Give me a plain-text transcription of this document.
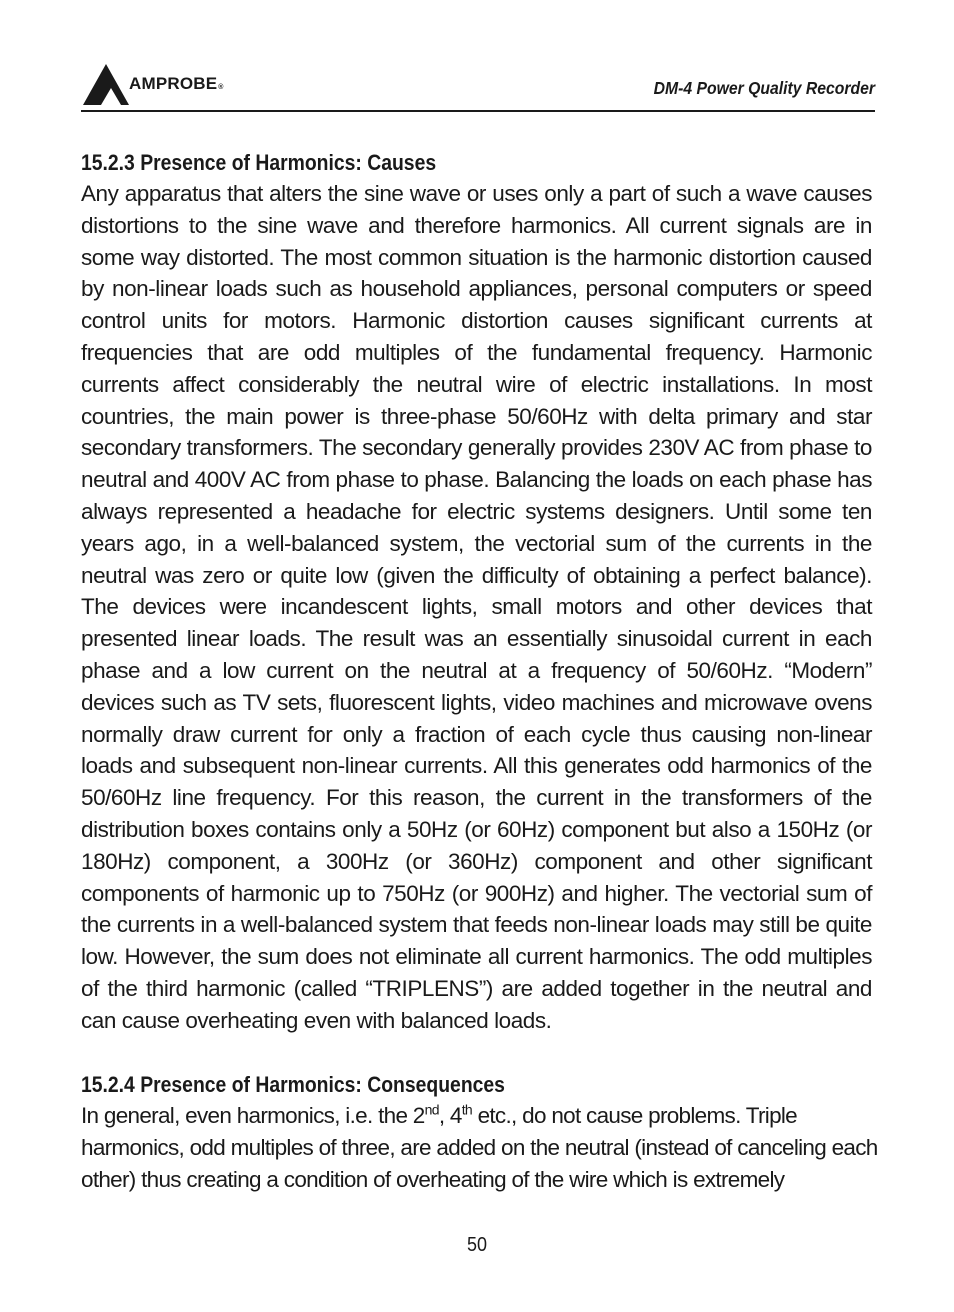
AMPROBE®	DM-4 Power Quality Recorder
15.2.3 Presence of Harmonics: Causes

Any apparatus that alters the sine wave or uses only a part of such a wave causes distortions to the sine wave and therefore harmonics. All current signals are in some way distorted. The most common situation is the harmonic distortion caused by non-linear loads such as household appliances, personal computers or speed control units for motors. Harmonic distortion causes significant currents at frequencies that are odd multiples of the fundamental frequency. Harmonic currents affect considerably the neutral wire of electric installations. In most countries, the main power is three-phase 50/60Hz with delta primary and star secondary transformers. The secondary generally provides 230V AC from phase to neutral and 400V AC from phase to phase. Balancing the loads on each phase has always represented a headache for electric systems designers. Until some ten years ago, in a well-balanced system, the vectorial sum of the currents in the neutral was zero or quite low (given the difficulty of obtaining a perfect balance). The devices were incandescent lights, small motors and other devices that presented linear loads. The result was an essentially sinusoidal current in each phase and a low current on the neutral at a frequency of 50/60Hz. “Modern” devices such as TV sets, fluorescent lights, video machines and microwave ovens normally draw current for only a fraction of each cycle thus causing non-linear loads and subsequent non-linear currents. All this generates odd harmonics of the 50/60Hz line frequency. For this reason, the current in the transformers of the distribution boxes contains only a 50Hz (or 60Hz) component but also a 150Hz (or 180Hz) component, a 300Hz (or 360Hz) component and other significant components of harmonic up to 750Hz (or 900Hz) and higher. The vectorial sum of the currents in a well-balanced system that feeds non-linear loads may still be quite low. However, the sum does not eliminate all current harmonics. The odd multiples of the third harmonic (called “TRIPLENS”) are added together in the neutral and can cause overheating even with balanced loads.

15.2.4 Presence of Harmonics: Consequences

In general, even harmonics, i.e. the 2nd, 4th etc., do not cause problems. Triple harmonics, odd multiples of three, are added on the neutral (instead of canceling each other) thus creating a condition of overheating of the wire which is extremely

50
